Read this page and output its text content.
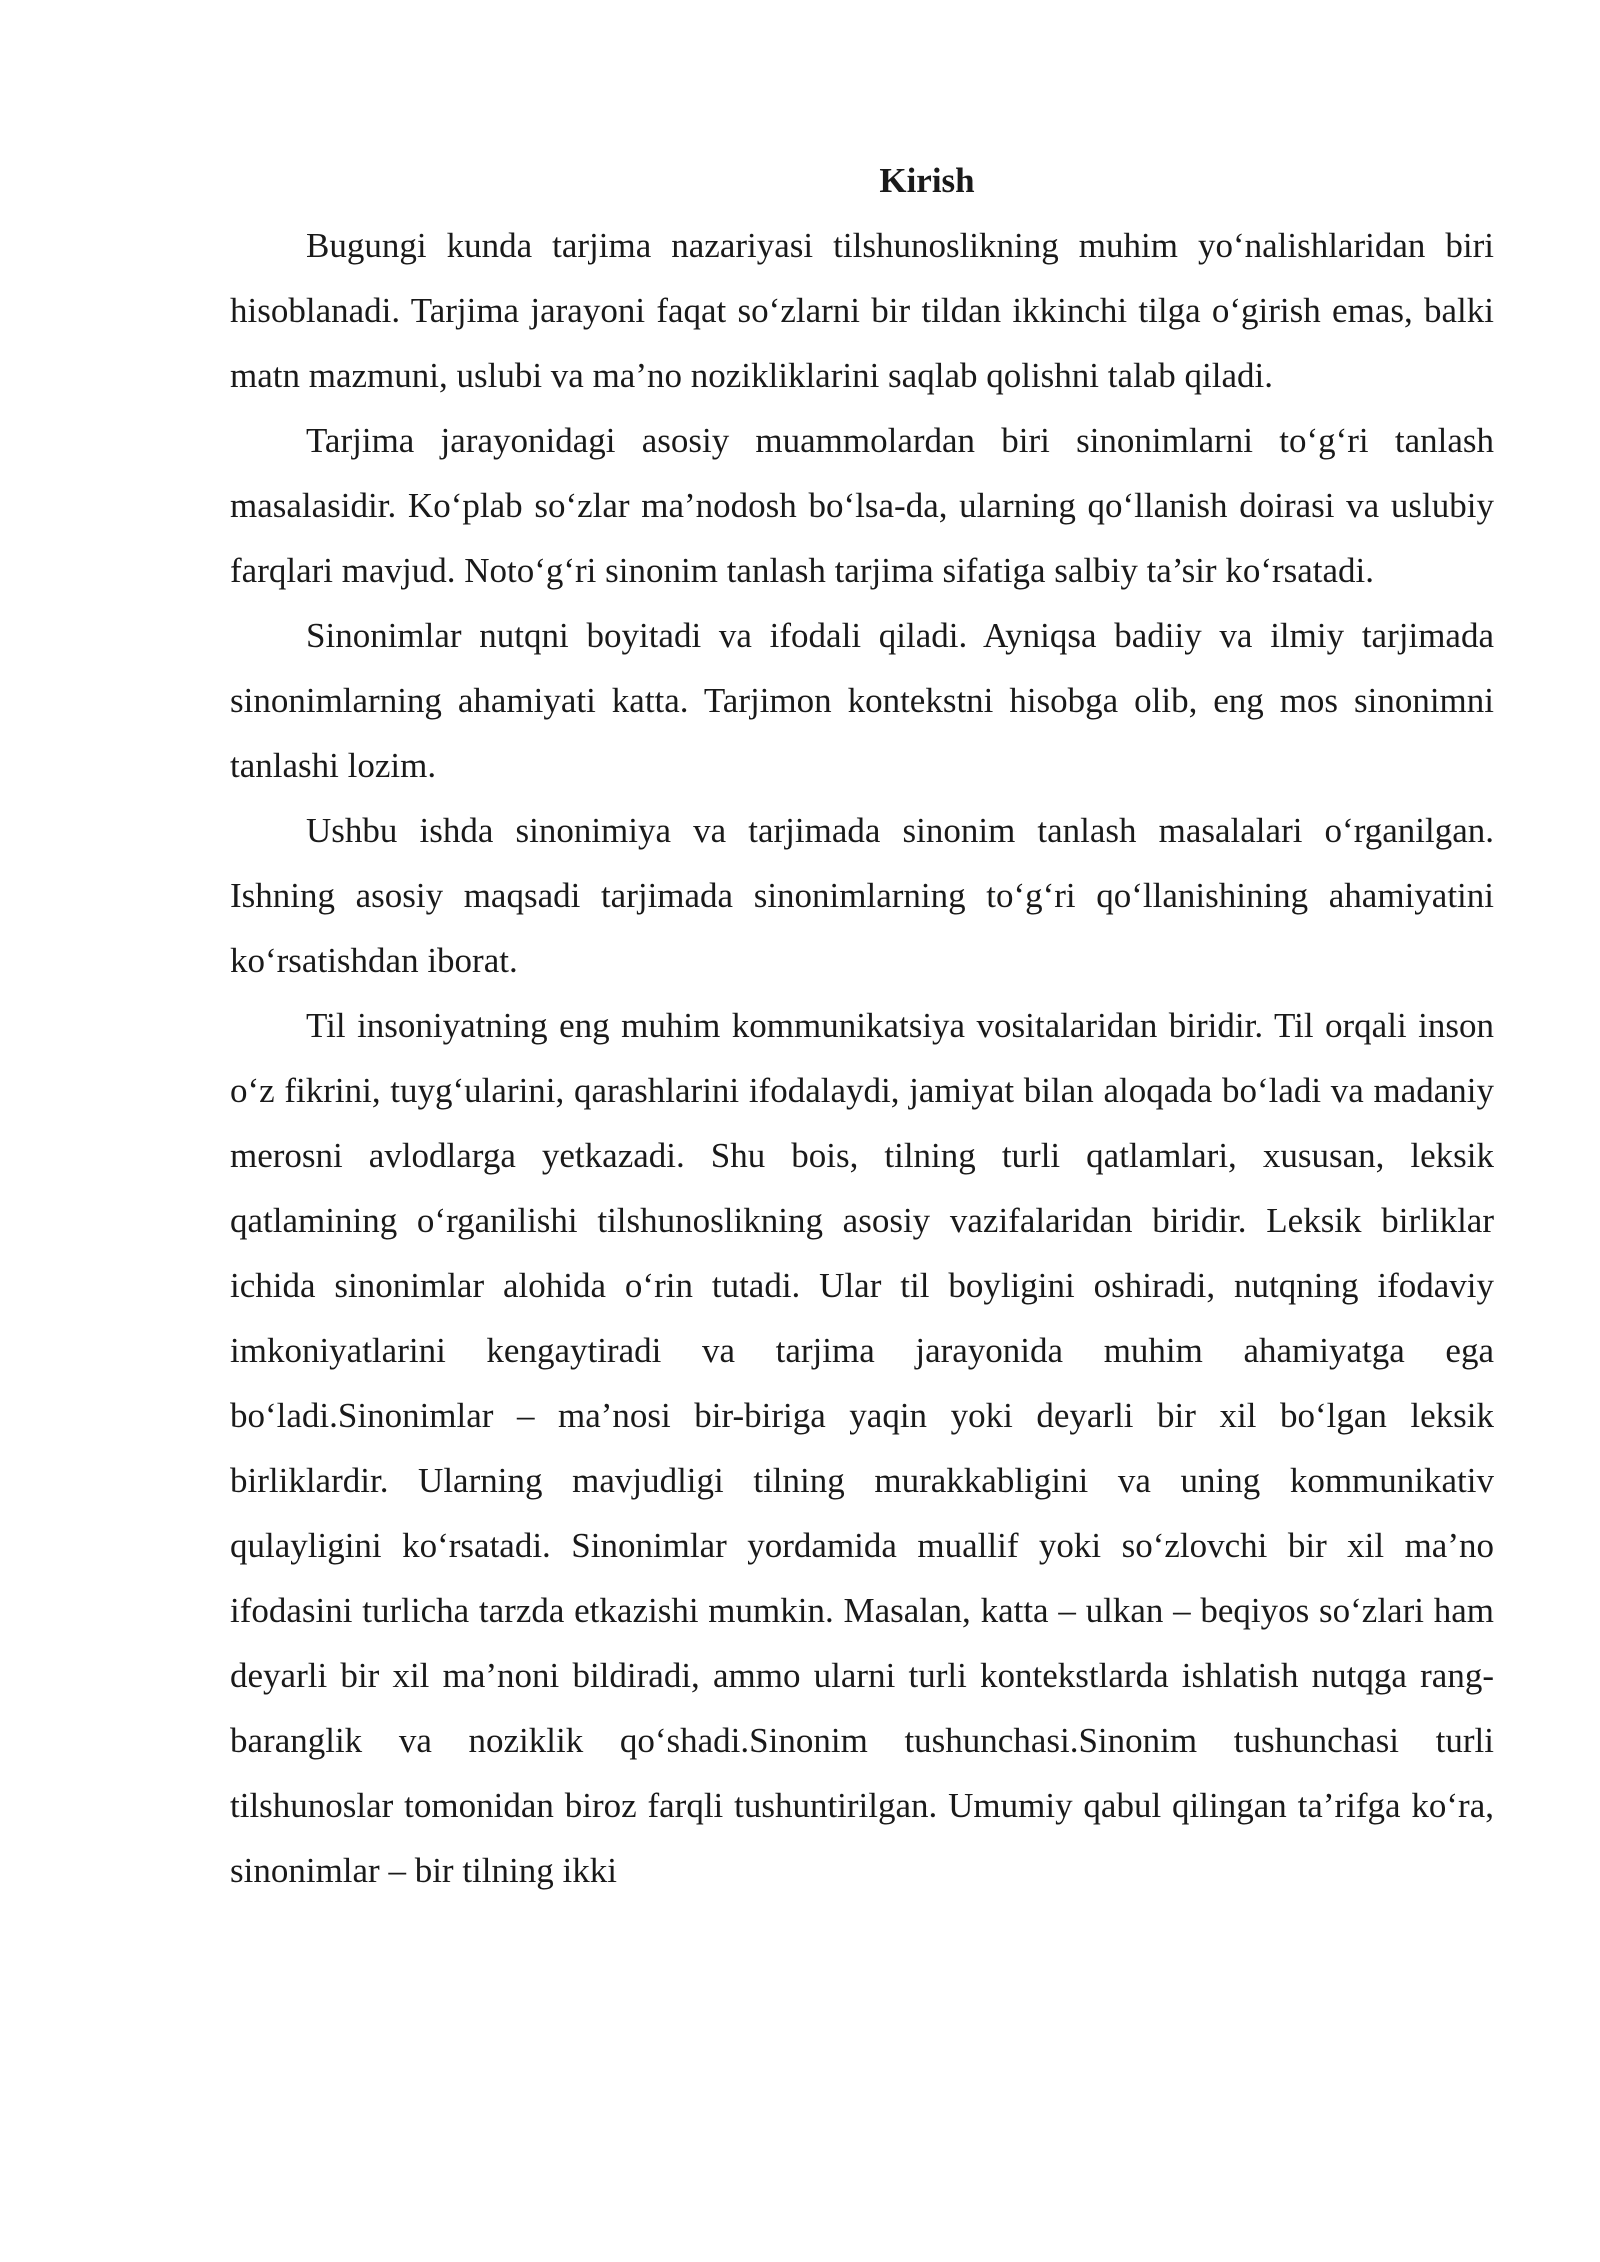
Kirish

Bugungi kunda tarjima nazariyasi tilshunoslikning muhim yo‘nalishlaridan biri hisoblanadi. Tarjima jarayoni faqat so‘zlarni bir tildan ikkinchi tilga o‘girish emas, balki matn mazmuni, uslubi va ma’no nozikliklarini saqlab qolishni talab qiladi.

Tarjima jarayonidagi asosiy muammolardan biri sinonimlarni to‘g‘ri tanlash masalasidir. Ko‘plab so‘zlar ma’nodosh bo‘lsa-da, ularning qo‘llanish doirasi va uslubiy farqlari mavjud. Noto‘g‘ri sinonim tanlash tarjima sifatiga salbiy ta’sir ko‘rsatadi.

Sinonimlar nutqni boyitadi va ifodali qiladi. Ayniqsa badiiy va ilmiy tarjimada sinonimlarning ahamiyati katta. Tarjimon kontekstni hisobga olib, eng mos sinonimni tanlashi lozim.

Ushbu ishda sinonimiya va tarjimada sinonim tanlash masalalari o‘rganilgan. Ishning asosiy maqsadi tarjimada sinonimlarning to‘g‘ri qo‘llanishining ahamiyatini ko‘rsatishdan iborat.

Til insoniyatning eng muhim kommunikatsiya vositalaridan biridir. Til orqali inson o‘z fikrini, tuyg‘ularini, qarashlarini ifodalaydi, jamiyat bilan aloqada bo‘ladi va madaniy merosni avlodlarga yetkazadi. Shu bois, tilning turli qatlamlari, xususan, leksik qatlamining o‘rganilishi tilshunoslikning asosiy vazifalaridan biridir. Leksik birliklar ichida sinonimlar alohida o‘rin tutadi. Ular til boyligini oshiradi, nutqning ifodaviy imkoniyatlarini kengaytiradi va tarjima jarayonida muhim ahamiyatga ega bo‘ladi.Sinonimlar – ma’nosi bir-biriga yaqin yoki deyarli bir xil bo‘lgan leksik birliklardir. Ularning mavjudligi tilning murakkabligini va uning kommunikativ qulayligini ko‘rsatadi. Sinonimlar yordamida muallif yoki so‘zlovchi bir xil ma’no ifodasini turlicha tarzda etkazishi mumkin. Masalan, katta – ulkan – beqiyos so‘zlari ham deyarli bir xil ma’noni bildiradi, ammo ularni turli kontekstlarda ishlatish nutqga rang-baranglik va noziklik qo‘shadi.Sinonim tushunchasi.Sinonim tushunchasi turli tilshunoslar tomonidan biroz farqli tushuntirilgan. Umumiy qabul qilingan ta’rifga ko‘ra, sinonimlar – bir tilning ikki
